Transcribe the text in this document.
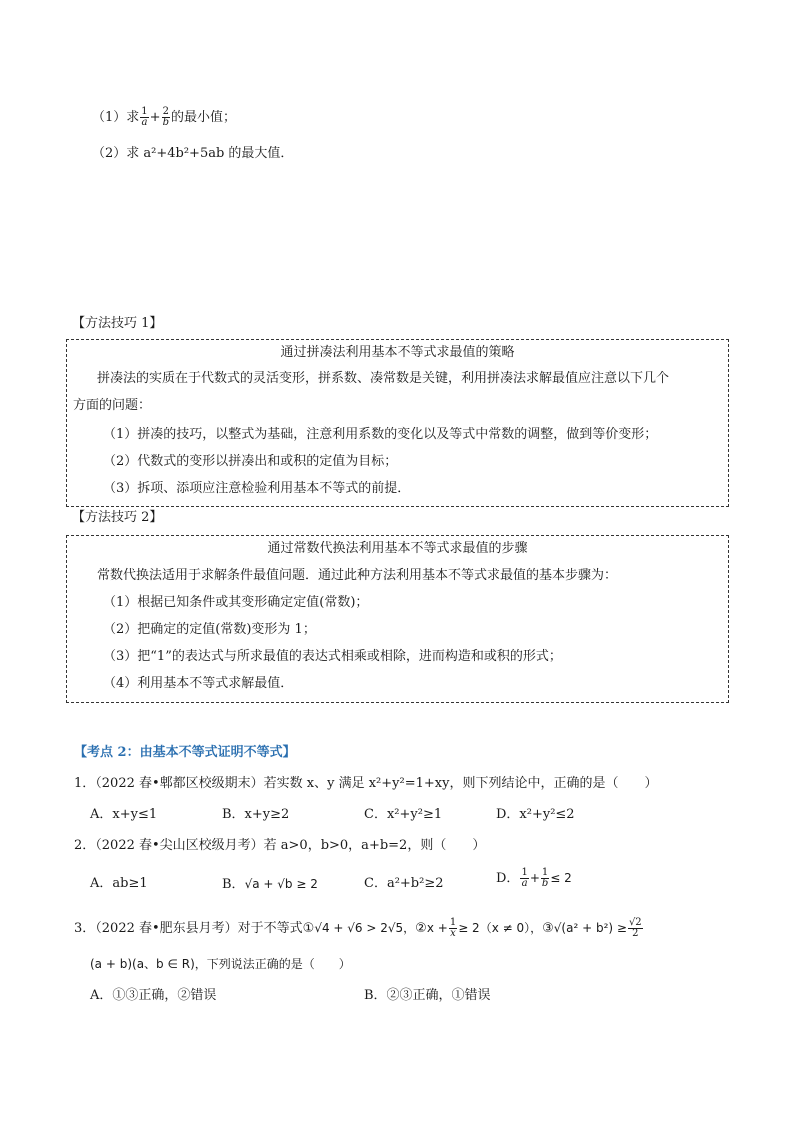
（1）求 $\frac{1}{a} + \frac{2}{b}$ 的最小值；
（2）求 a²+4b²+5ab 的最大值．
【方法技巧 1】
通过拼凑法利用基本不等式求最值的策略
拼凑法的实质在于代数式的灵活变形，拼系数、凑常数是关键，利用拼凑法求解最值应注意以下几个
方面的问题：
（1）拼凑的技巧，以整式为基础，注意利用系数的变化以及等式中常数的调整，做到等价变形；
（2）代数式的变形以拼凑出和或积的定值为目标；
（3）拆项、添项应注意检验利用基本不等式的前提．
【方法技巧 2】
通过常数代换法利用基本不等式求最值的步骤
常数代换法适用于求解条件最值问题．通过此种方法利用基本不等式求最值的基本步骤为：
（1）根据已知条件或其变形确定定值(常数)；
（2）把确定的定值(常数)变形为 1；
（3）把“1”的表达式与所求最值的表达式相乘或相除，进而构造和或积的形式；
（4）利用基本不等式求解最值．
【考点 2：由基本不等式证明不等式】
1．（2022 春•郫都区校级期末）若实数 x、y 满足 x²+y²=1+xy，则下列结论中，正确的是（　　）
A．x+y≤1	B．x+y≥2	C．x²+y²≥1	D．x²+y²≤2
2．（2022 春•尖山区校级月考）若 a>0，b>0，a+b=2，则（　　）
A．ab≥1	B．√a + √b ≥ 2	C．a²+b²≥2	D． $\frac{1}{a} + \frac{1}{b} \le 2$
3．（2022 春•肥东县月考）对于不等式①√4 + √6 > 2√5，②x + $\frac{1}{x} \ge 2(x \ne 0)$，③√(a² + $b^2) \ge \frac{√2}{2}$
(a + b)(a、b ∈ R)，下列说法正确的是（　　）
A．①③正确，②错误	B．②③正确，①错误
